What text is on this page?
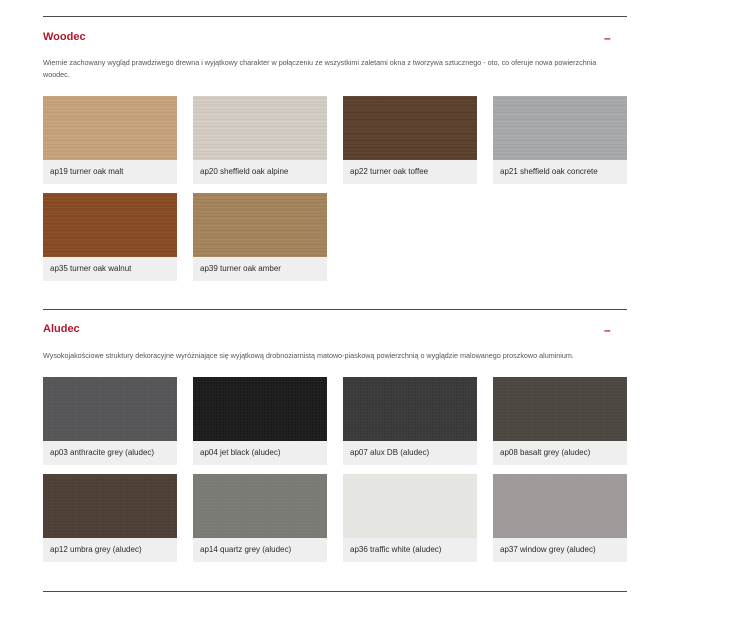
Woodec	–
Wiernie zachowany wygląd prawdziwego drewna i wyjątkowy charakter w połączeniu ze wszystkimi zaletami okna z tworzywa sztucznego - oto, co oferuje nowa powierzchnia woodec.
ap19 turner oak malt	ap20 sheffield oak alpine	ap22 turner oak toffee	ap21 sheffield oak concrete
ap35 turner oak walnut	ap39 turner oak amber
Aludec	–
Wysokojakościowe struktury dekoracyjne wyróżniające się wyjątkową drobnoziarnistą matowo-piaskową powierzchnią o wyglądzie malowanego proszkowo aluminium.
ap03 anthracite grey (aludec)	ap04 jet black (aludec)	ap07 alux DB (aludec)	ap08 basalt grey (aludec)
ap12 umbra grey (aludec)	ap14 quartz grey (aludec)	ap36 traffic white (aludec)	ap37 window grey (aludec)
